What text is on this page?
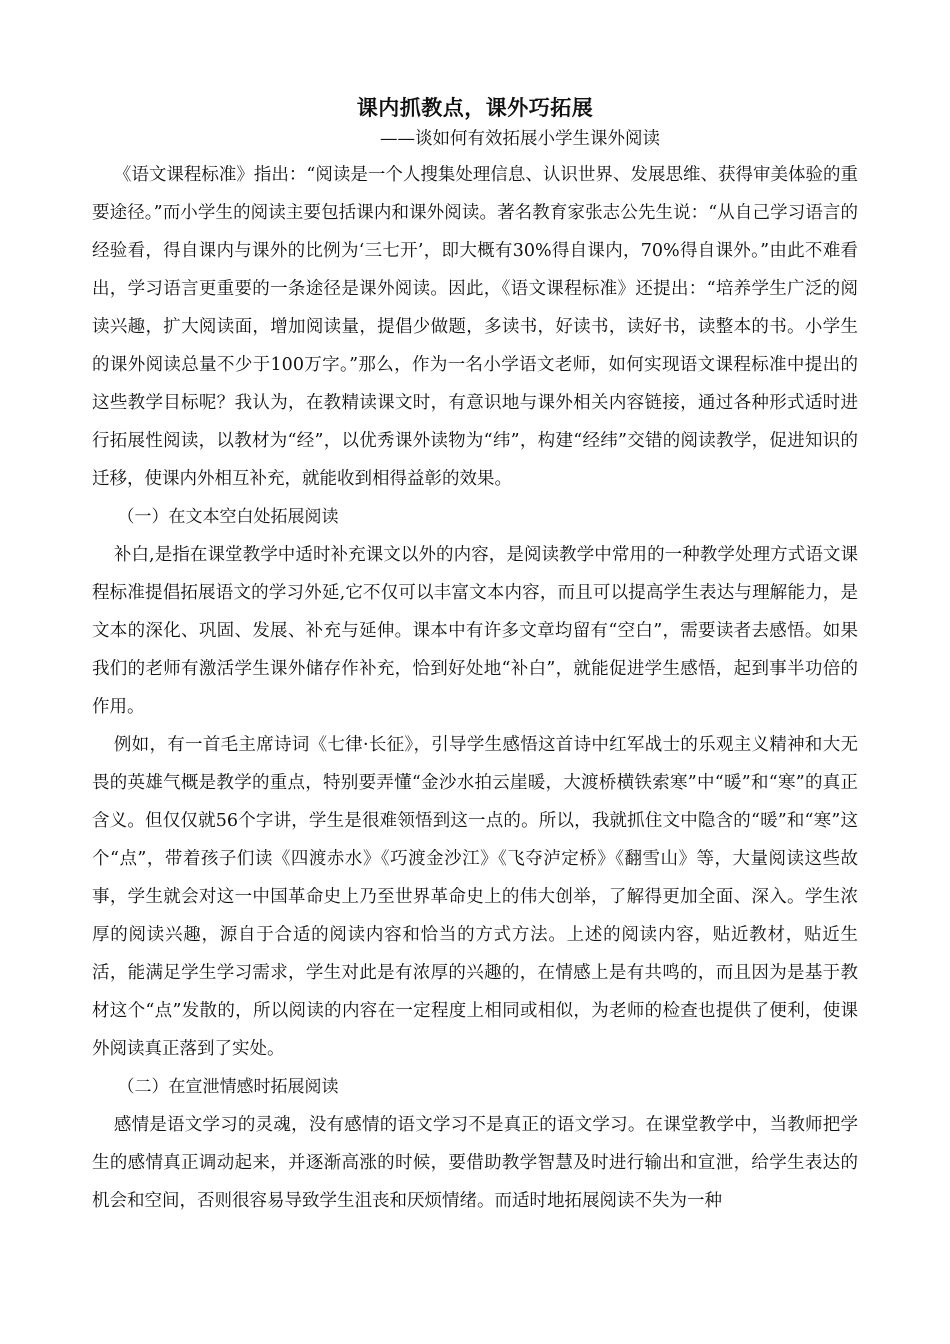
课内抓教点，课外巧拓展

——谈如何有效拓展小学生课外阅读

《语文课程标准》指出：“阅读是一个人搜集处理信息、认识世界、发展思维、获得审美体验的重要途径。”而小学生的阅读主要包括课内和课外阅读。著名教育家张志公先生说：“从自己学习语言的经验看，得自课内与课外的比例为‘三七开’，即大概有30%得自课内，70%得自课外。”由此不难看出，学习语言更重要的一条途径是课外阅读。因此，《语文课程标准》还提出：“培养学生广泛的阅读兴趣，扩大阅读面，增加阅读量，提倡少做题，多读书，好读书，读好书，读整本的书。小学生的课外阅读总量不少于100万字。”那么，作为一名小学语文老师，如何实现语文课程标准中提出的这些教学目标呢？我认为，在教精读课文时，有意识地与课外相关内容链接，通过各种形式适时进行拓展性阅读，以教材为“经”，以优秀课外读物为“纬”，构建“经纬”交错的阅读教学，促进知识的迁移，使课内外相互补充，就能收到相得益彰的效果。

（一）在文本空白处拓展阅读

补白,是指在课堂教学中适时补充课文以外的内容，是阅读教学中常用的一种教学处理方式语文课程标准提倡拓展语文的学习外延,它不仅可以丰富文本内容，而且可以提高学生表达与理解能力，是文本的深化、巩固、发展、补充与延伸。课本中有许多文章均留有“空白”，需要读者去感悟。如果我们的老师有激活学生课外储存作补充，恰到好处地“补白”，就能促进学生感悟，起到事半功倍的作用。

例如，有一首毛主席诗词《七律·长征》，引导学生感悟这首诗中红军战士的乐观主义精神和大无畏的英雄气概是教学的重点，特别要弄懂“金沙水拍云崖暖，大渡桥横铁索寒”中“暖”和“寒”的真正含义。但仅仅就56个字讲，学生是很难领悟到这一点的。所以，我就抓住文中隐含的“暖”和“寒”这个“点”，带着孩子们读《四渡赤水》《巧渡金沙江》《飞夺泸定桥》《翻雪山》等，大量阅读这些故事，学生就会对这一中国革命史上乃至世界革命史上的伟大创举，了解得更加全面、深入。学生浓厚的阅读兴趣，源自于合适的阅读内容和恰当的方式方法。上述的阅读内容，贴近教材，贴近生活，能满足学生学习需求，学生对此是有浓厚的兴趣的，在情感上是有共鸣的，而且因为是基于教材这个“点”发散的，所以阅读的内容在一定程度上相同或相似，为老师的检查也提供了便利，使课外阅读真正落到了实处。

（二）在宣泄情感时拓展阅读

感情是语文学习的灵魂，没有感情的语文学习不是真正的语文学习。在课堂教学中，当教师把学生的感情真正调动起来，并逐渐高涨的时候，要借助教学智慧及时进行输出和宣泄，给学生表达的机会和空间，否则很容易导致学生沮丧和厌烦情绪。而适时地拓展阅读不失为一种
